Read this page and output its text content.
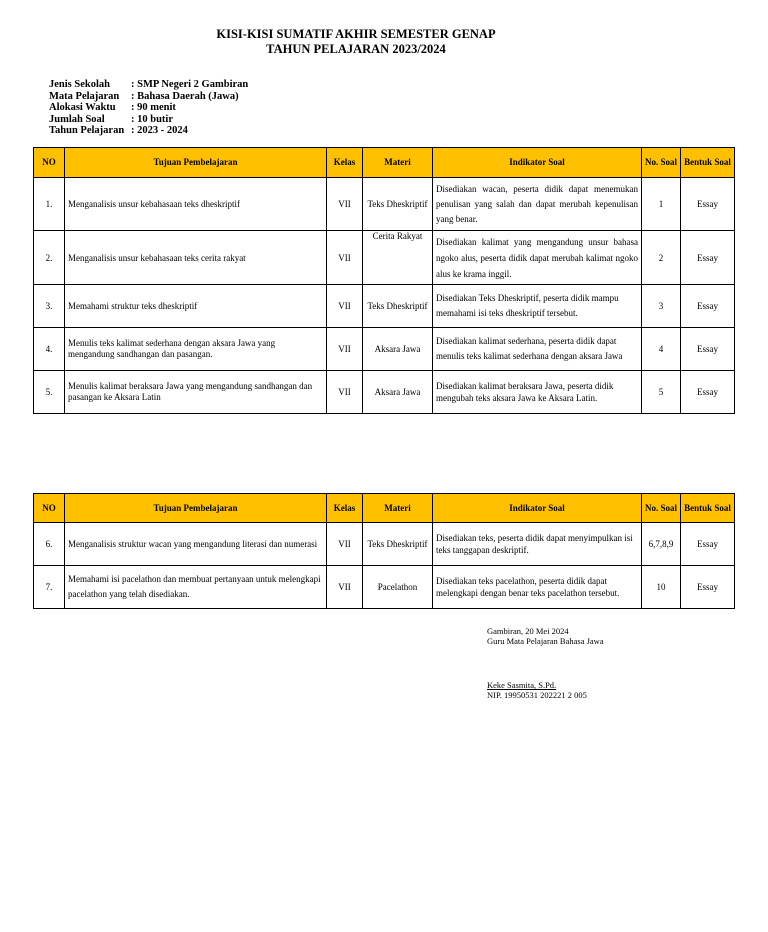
KISI-KISI SUMATIF AKHIR SEMESTER GENAP
TAHUN PELAJARAN 2023/2024
Jenis Sekolah	: SMP Negeri 2 Gambiran
Mata Pelajaran	: Bahasa Daerah (Jawa)
Alokasi Waktu	: 90 menit
Jumlah Soal	: 10 butir
Tahun Pelajaran : 2023 - 2024
NO	Tujuan Pembelajaran	Kelas	Materi	Indikator Soal	No. Soal	Bentuk Soal
1.	Menganalisis unsur kebahasaan teks dheskriptif	VII	Teks Dheskriptif	Disediakan wacan, peserta didik dapat menemukan penulisan yang salah dan dapat merubah kepenulisan yang benar.	1	Essay
2.	Menganalisis unsur kebahasaan teks cerita rakyat	VII	Cerita Rakyat	Disediakan kalimat yang mengandung unsur bahasa ngoko alus, peserta didik dapat merubah kalimat ngoko alus ke krama inggil.	2	Essay
3.	Memahami struktur teks dheskriptif	VII	Teks Dheskriptif	Disediakan Teks Dheskriptif, peserta didik mampu memahami isi teks dheskriptif tersebut.	3	Essay
4.	Menulis teks kalimat sederhana dengan aksara Jawa yang mengandung sandhangan dan pasangan.	VII	Aksara Jawa	Disediakan kalimat sederhana, peserta didik dapat menulis teks kalimat sederhana dengan aksara Jawa	4	Essay
5.	Menulis kalimat beraksara Jawa yang mengandung sandhangan dan pasangan ke Aksara Latin	VII	Aksara Jawa	Disediakan kalimat beraksara Jawa, peserta didik mengubah teks aksara Jawa ke Aksara Latin.	5	Essay
NO	Tujuan Pembelajaran	Kelas	Materi	Indikator Soal	No. Soal	Bentuk Soal
6.	Menganalisis struktur wacan yang mengandung literasi dan numerasi	VII	Teks Dheskriptif	Disediakan teks, peserta didik dapat menyimpulkan isi teks tanggapan deskriptif.	6,7,8,9	Essay
7.	Memahami isi pacelathon dan membuat pertanyaan untuk melengkapi pacelathon yang telah disediakan.	VII	Pacelathon	Disediakan teks pacelathon, peserta didik dapat melengkapi dengan benar teks pacelathon tersebut.	10	Essay
Gambiran, 20 Mei 2024
Guru Mata Pelajaran Bahasa Jawa
Keke Sasmita, S.Pd.
NIP. 19950531 202221 2 005
